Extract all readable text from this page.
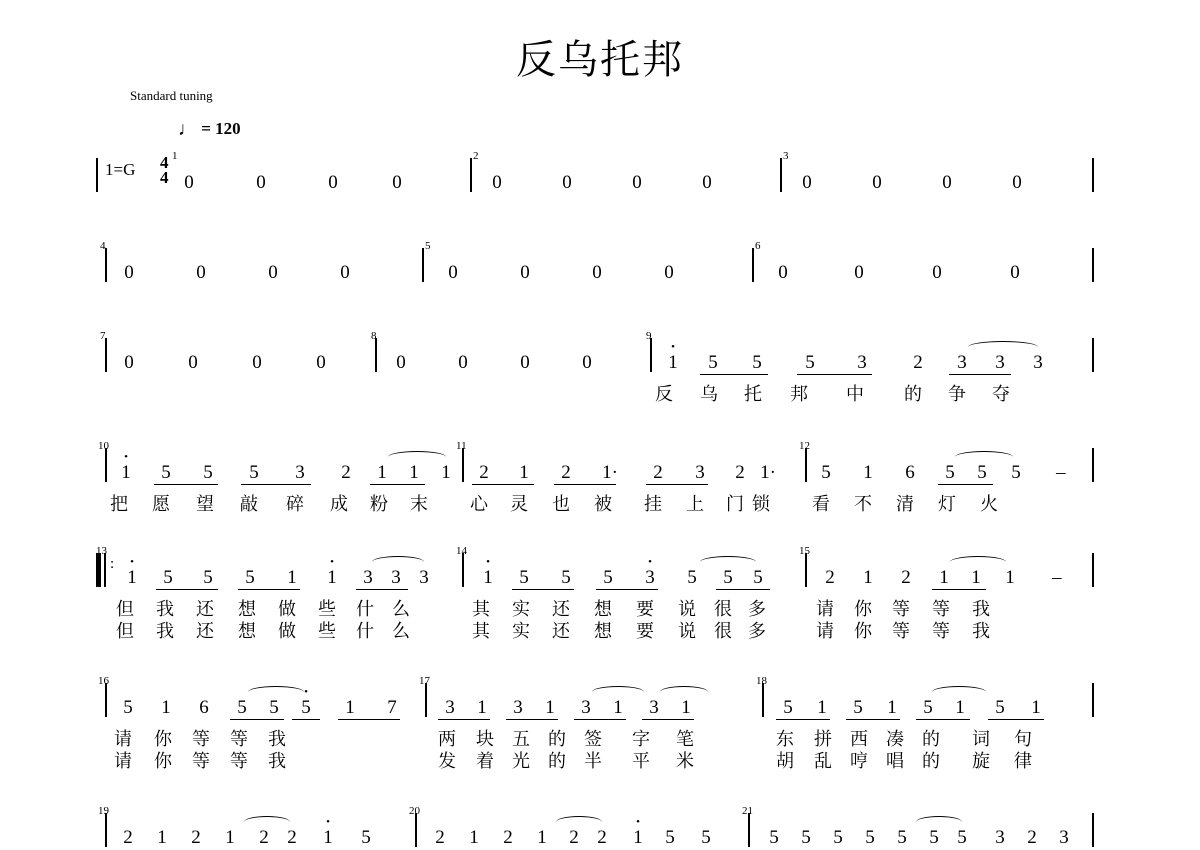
反乌托邦
Standard tuning
♩ = 120
1=G 4
4
1
0	0	0	0
2
0	0	0	0
3
0	0	0	0
4
0	0	0	0
5
0	0	0	0
6
0	0	0	0
7
0	0	0	0
8
0	0	0	0
9
•
1 5 5 5 3 2 3 3 3
反 乌 托 邦 中 的 争 夺
10
•
1 5 5 5 3 2 1 1 1
把 愿 望 敲 碎 成 粉 末
11
2 1 2 1· 2 3 2 1·
心 灵 也 被 挂 上 门 锁
12
5 1 6 5 5 5 –
看 不 清 灯 火
:
13
•
1 5 5 5 1
•
1 3 3 3
但 我 还 想 做 些 什 么
但 我 还 想 做 些 什 么
14
•
1 5 5 5
•
3 5 5 5
其 实 还 想 要 说 很 多
其 实 还 想 要 说 很 多
15
2 1 2 1 1 1 –
请 你 等 等 我
请 你 等 等 我
16
5 1 6 5 5
•
5 1 7
请 你 等 等 我
请 你 等 等 我
17
3 1 3 1 3 1 3 1
两 块 五 的 签 字 笔
发 着 光 的 半 平 米
18
5 1 5 1 5 1 5 1
东 拼 西 凑 的 词 句
胡 乱 哼 唱 的 旋 律
19
2 1 2 1 2 2
•
1 5
20
2 1 2 1 2 2
•
1 5 5
21
5 5 5 5 5 5 5 3 2 3
